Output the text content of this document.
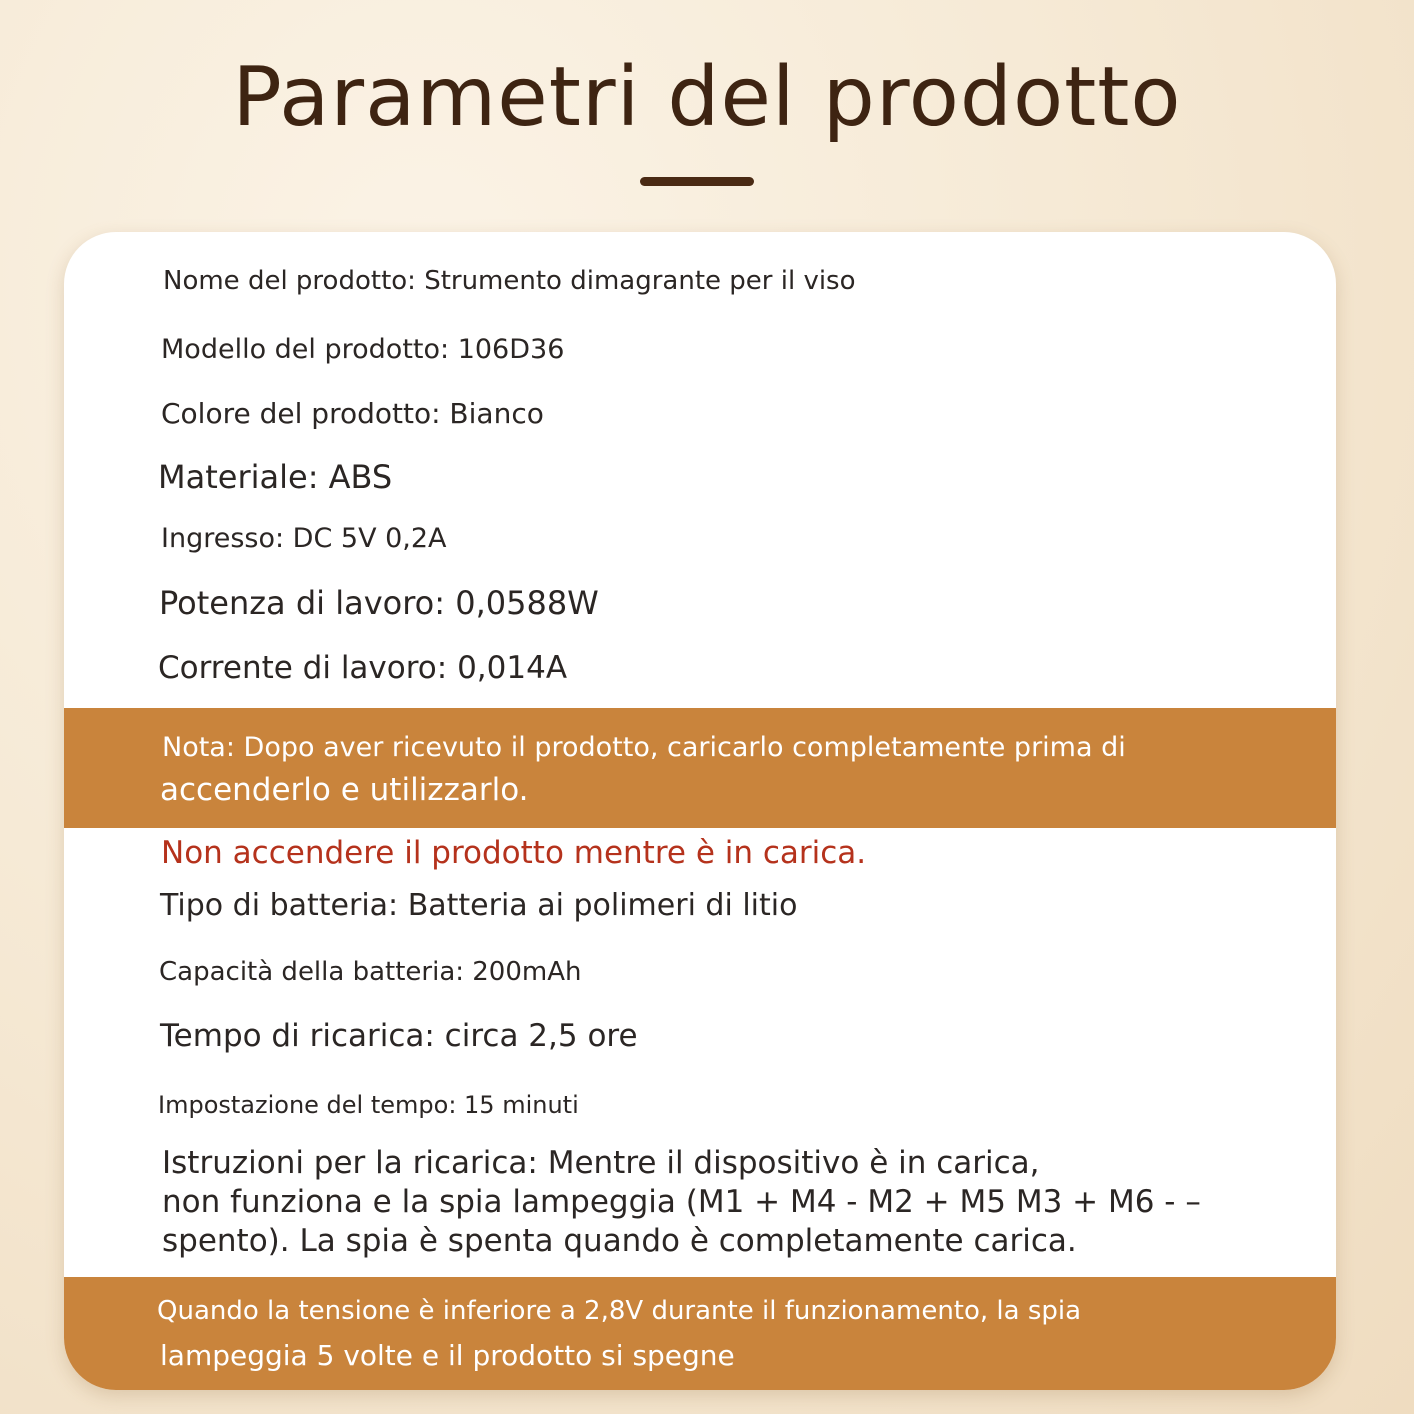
Parametri del prodotto
Nome del prodotto: Strumento dimagrante per il viso
Modello del prodotto: 106D36
Colore del prodotto: Bianco
Materiale: ABS
Ingresso: DC 5V 0,2A
Potenza di lavoro: 0,0588W
Corrente di lavoro: 0,014A
Nota: Dopo aver ricevuto il prodotto, caricarlo completamente prima di
accenderlo e utilizzarlo.
Non accendere il prodotto mentre è in carica.
Tipo di batteria: Batteria ai polimeri di litio
Capacità della batteria: 200mAh
Tempo di ricarica: circa 2,5 ore
Impostazione del tempo: 15 minuti
Istruzioni per la ricarica: Mentre il dispositivo è in carica,
non funziona e la spia lampeggia (M1 + M4 - M2 + M5 M3 + M6 - –
spento). La spia è spenta quando è completamente carica.
Quando la tensione è inferiore a 2,8V durante il funzionamento, la spia
lampeggia 5 volte e il prodotto si spegne
